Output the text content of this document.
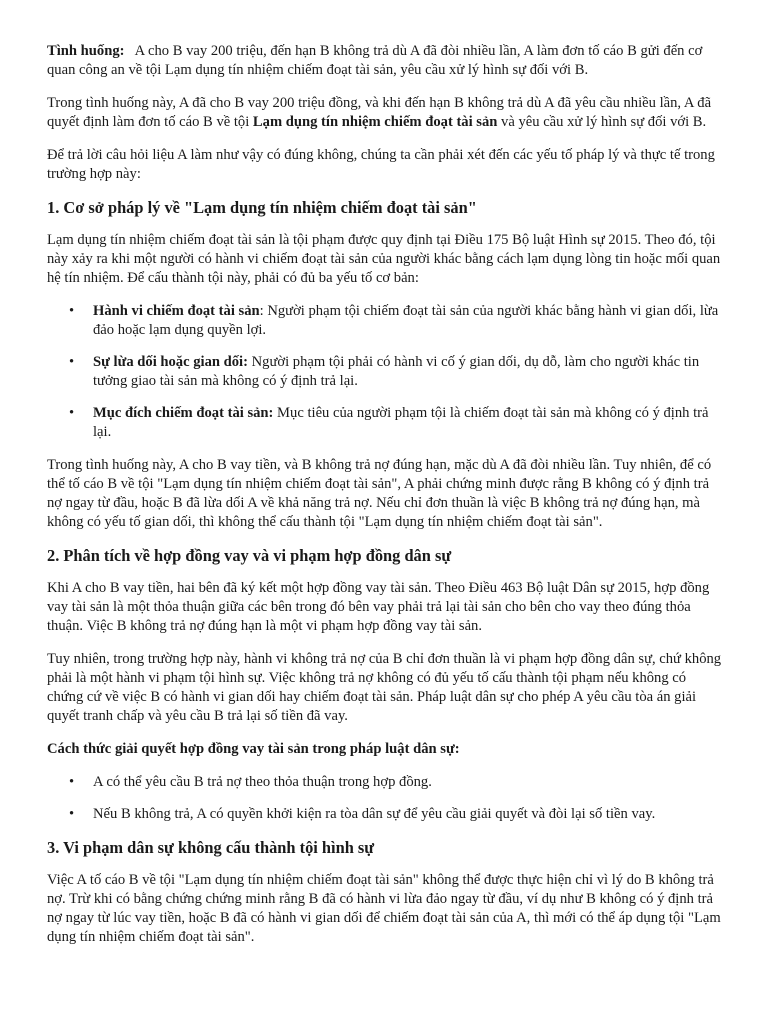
Tình huống: A cho B vay 200 triệu, đến hạn B không trả dù A đã đòi nhiều lần, A làm đơn tố cáo B gửi đến cơ quan công an về tội Lạm dụng tín nhiệm chiếm đoạt tài sản, yêu cầu xử lý hình sự đối với B.

Trong tình huống này, A đã cho B vay 200 triệu đồng, và khi đến hạn B không trả dù A đã yêu cầu nhiều lần, A đã quyết định làm đơn tố cáo B về tội Lạm dụng tín nhiệm chiếm đoạt tài sản và yêu cầu xử lý hình sự đối với B.

Để trả lời câu hỏi liệu A làm như vậy có đúng không, chúng ta cần phải xét đến các yếu tố pháp lý và thực tế trong trường hợp này:

1. Cơ sở pháp lý về "Lạm dụng tín nhiệm chiếm đoạt tài sản"

Lạm dụng tín nhiệm chiếm đoạt tài sản là tội phạm được quy định tại Điều 175 Bộ luật Hình sự 2015. Theo đó, tội này xảy ra khi một người có hành vi chiếm đoạt tài sản của người khác bằng cách lạm dụng lòng tin hoặc mối quan hệ tín nhiệm. Để cấu thành tội này, phải có đủ ba yếu tố cơ bản:

• Hành vi chiếm đoạt tài sản: Người phạm tội chiếm đoạt tài sản của người khác bằng hành vi gian dối, lừa đảo hoặc lạm dụng quyền lợi.
• Sự lừa dối hoặc gian dối: Người phạm tội phải có hành vi cố ý gian dối, dụ dỗ, làm cho người khác tin tưởng giao tài sản mà không có ý định trả lại.
• Mục đích chiếm đoạt tài sản: Mục tiêu của người phạm tội là chiếm đoạt tài sản mà không có ý định trả lại.

Trong tình huống này, A cho B vay tiền, và B không trả nợ đúng hạn, mặc dù A đã đòi nhiều lần. Tuy nhiên, để có thể tố cáo B về tội "Lạm dụng tín nhiệm chiếm đoạt tài sản", A phải chứng minh được rằng B không có ý định trả nợ ngay từ đầu, hoặc B đã lừa dối A về khả năng trả nợ. Nếu chỉ đơn thuần là việc B không trả nợ đúng hạn, mà không có yếu tố gian dối, thì không thể cấu thành tội "Lạm dụng tín nhiệm chiếm đoạt tài sản".

2. Phân tích về hợp đồng vay và vi phạm hợp đồng dân sự

Khi A cho B vay tiền, hai bên đã ký kết một hợp đồng vay tài sản. Theo Điều 463 Bộ luật Dân sự 2015, hợp đồng vay tài sản là một thỏa thuận giữa các bên trong đó bên vay phải trả lại tài sản cho bên cho vay theo đúng thỏa thuận. Việc B không trả nợ đúng hạn là một vi phạm hợp đồng vay tài sản.

Tuy nhiên, trong trường hợp này, hành vi không trả nợ của B chỉ đơn thuần là vi phạm hợp đồng dân sự, chứ không phải là một hành vi phạm tội hình sự. Việc không trả nợ không có đủ yếu tố cấu thành tội phạm nếu không có chứng cứ về việc B có hành vi gian dối hay chiếm đoạt tài sản. Pháp luật dân sự cho phép A yêu cầu tòa án giải quyết tranh chấp và yêu cầu B trả lại số tiền đã vay.

Cách thức giải quyết hợp đồng vay tài sản trong pháp luật dân sự:

• A có thể yêu cầu B trả nợ theo thỏa thuận trong hợp đồng.
• Nếu B không trả, A có quyền khởi kiện ra tòa dân sự để yêu cầu giải quyết và đòi lại số tiền vay.
3. Vi phạm dân sự không cấu thành tội hình sự

Việc A tố cáo B về tội "Lạm dụng tín nhiệm chiếm đoạt tài sản" không thể được thực hiện chỉ vì lý do B không trả nợ. Trừ khi có bằng chứng chứng minh rằng B đã có hành vi lừa đảo ngay từ đầu, ví dụ như B không có ý định trả nợ ngay từ lúc vay tiền, hoặc B đã có hành vi gian dối để chiếm đoạt tài sản của A, thì mới có thể áp dụng tội "Lạm dụng tín nhiệm chiếm đoạt tài sản".
